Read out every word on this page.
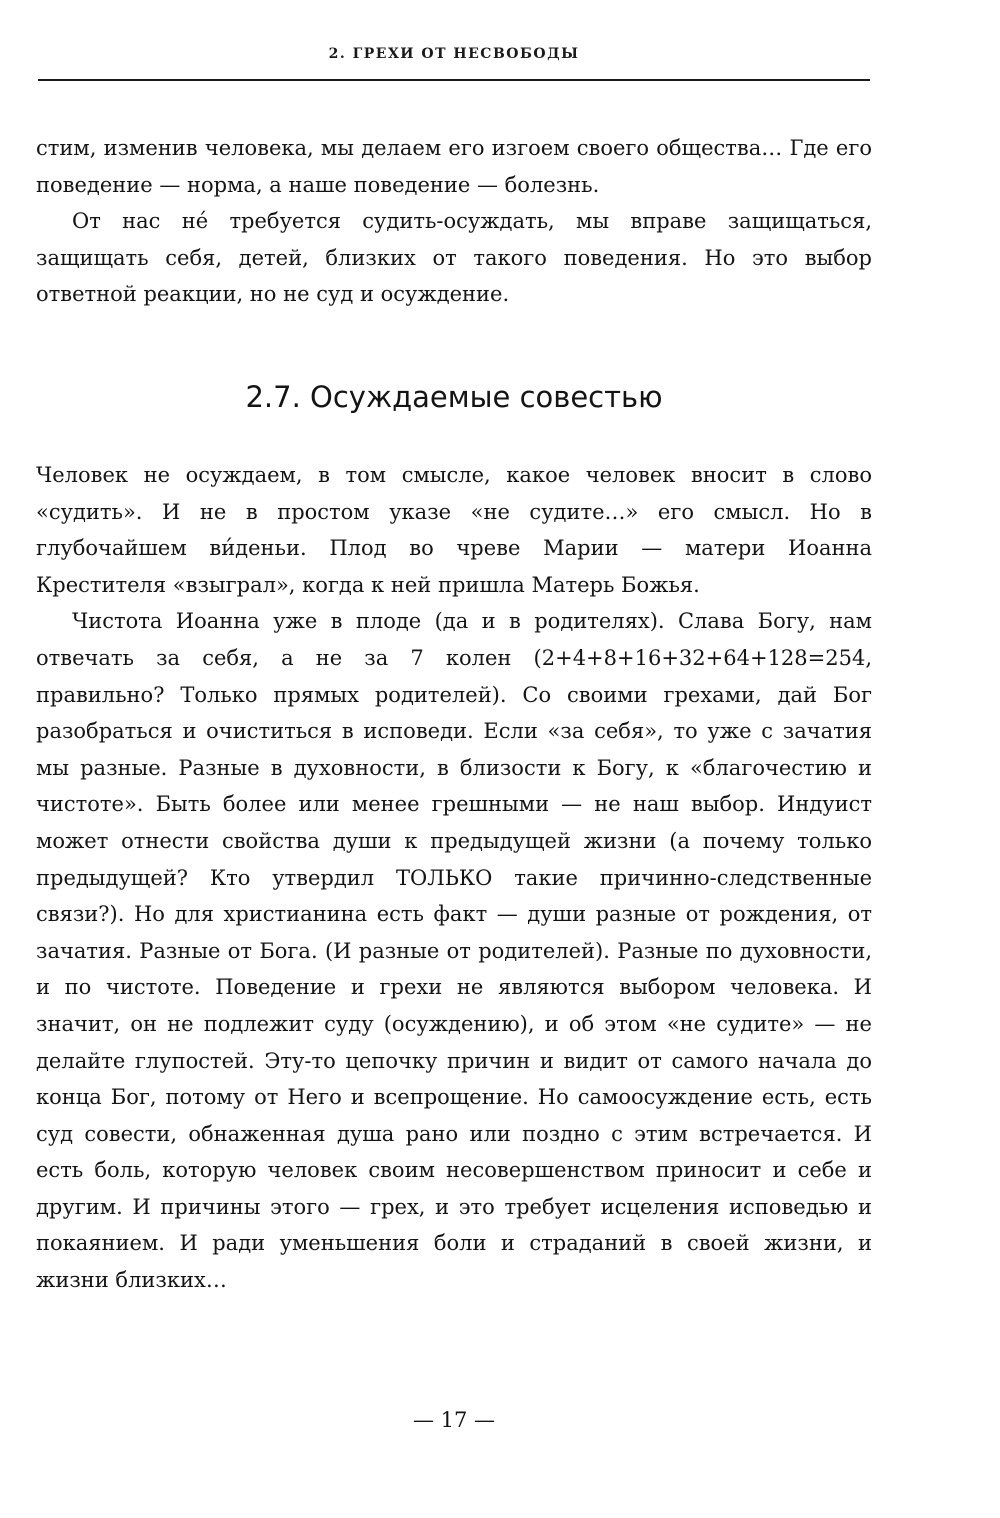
2. ГРЕХИ ОТ НЕСВОБОДЫ

стим, изменив человека, мы делаем его изгоем своего общества… Где его поведение — норма, а наше поведение — болезнь.

От нас нé требуется судить-осуждать, мы вправе защищаться, защищать себя, детей, близких от такого поведения. Но это выбор ответной реакции, но не суд и осуждение.

2.7. Осуждаемые совестью

Человек не осуждаем, в том смысле, какое человек вносит в слово «судить». И не в простом указе «не судите…» его смысл. Но в глубочайшем ви́деньи. Плод во чреве Марии — матери Иоанна Крестителя «взыграл», когда к ней пришла Матерь Божья.

Чистота Иоанна уже в плоде (да и в родителях). Слава Богу, нам отвечать за себя, а не за 7 колен (2+4+8+16+32+64+128=254, правильно? Только прямых родителей). Со своими грехами, дай Бог разобраться и очиститься в исповеди. Если «за себя», то уже с зачатия мы разные. Разные в духовности, в близости к Богу, к «благочестию и чистоте». Быть более или менее грешными — не наш выбор. Индуист может отнести свойства души к предыдущей жизни (а почему только предыдущей? Кто утвердил ТОЛЬКО такие причинно-следственные связи?). Но для христианина есть факт — души разные от рождения, от зачатия. Разные от Бога. (И разные от родителей). Разные по духовности, и по чистоте. Поведение и грехи не являются выбором человека. И значит, он не подлежит суду (осуждению), и об этом «не судите» — не делайте глупостей. Эту-то цепочку причин и видит от самого начала до конца Бог, потому от Него и всепрощение. Но самоосуждение есть, есть суд совести, обнаженная душа рано или поздно с этим встречается. И есть боль, которую человек своим несовершенством приносит и себе и другим. И причины этого — грех, и это требует исцеления исповедью и покаянием. И ради уменьшения боли и страданий в своей жизни, и жизни близких…

— 17 —
